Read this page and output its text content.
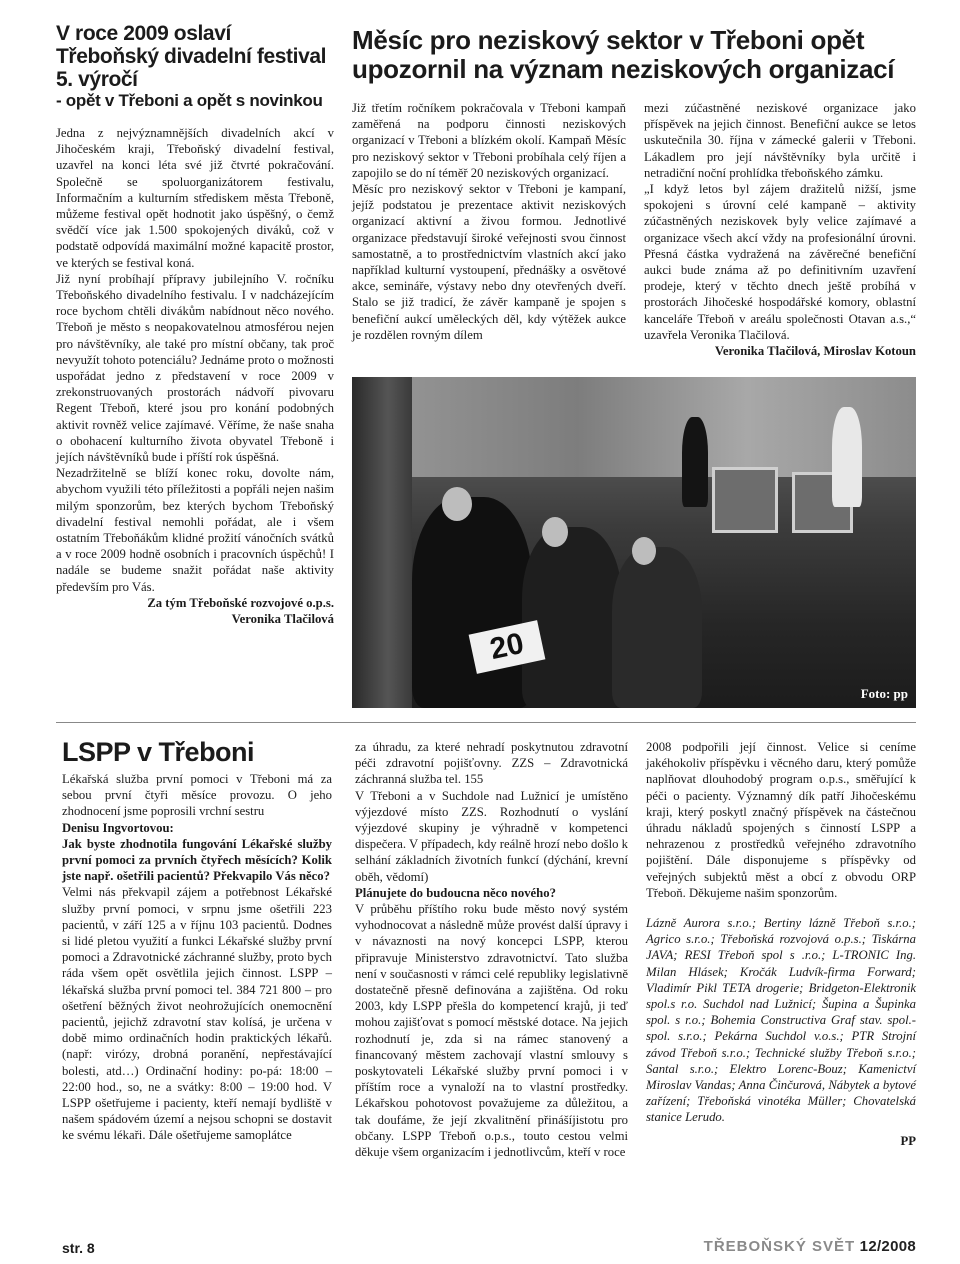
V roce 2009 oslaví Třeboňský divadelní festival 5. výročí
- opět v Třeboni a opět s novinkou

Jedna z nejvýznamnějších divadelních akcí v Jihočeském kraji, Třeboňský divadelní festival, uzavřel na konci léta své již čtvrté pokračování. Společně se spoluorganizátorem festivalu, Informačním a kulturním střediskem města Třeboně, můžeme festival opět hodnotit jako úspěšný, o čemž svědčí více jak 1.500 spokojených diváků, což v podstatě odpovídá maximální možné kapacitě prostor, ve kterých se festival koná.
Již nyní probíhají přípravy jubilejního V. ročníku Třeboňského divadelního festivalu. I v nadcházejícím roce bychom chtěli divákům nabídnout něco nového. Třeboň je město s neopakovatelnou atmosférou nejen pro návštěvníky, ale také pro místní občany, tak proč nevyužít tohoto potenciálu? Jednáme proto o možnosti uspořádat jedno z představení v roce 2009 v zrekonstruovaných prostorách nádvoří pivovaru Regent Třeboň, které jsou pro konání podobných aktivit rovněž velice zajímavé. Věříme, že naše snaha o obohacení kulturního života obyvatel Třeboně i jejích návštěvníků bude i příští rok úspěšná.
Nezadržitelně se blíží konec roku, dovolte nám, abychom využili této příležitosti a popřáli nejen našim milým sponzorům, bez kterých bychom Třeboňský divadelní festival nemohli pořádat, ale i všem ostatním Třeboňákům klidné prožití vánočních svátků a v roce 2009 hodně osobních i pracovních úspěchů! I nadále se budeme snažit pořádat naše aktivity především pro Vás.

Za tým Třeboňské rozvojové o.p.s.
Veronika Tlačilová
Měsíc pro neziskový sektor v Třeboni opět upozornil na význam neziskových organizací

Již třetím ročníkem pokračovala v Třeboni kampaň zaměřená na podporu činnosti neziskových organizací v Třeboni a blízkém okolí. Kampaň Měsíc pro neziskový sektor v Třeboni probíhala celý říjen a zapojilo se do ní téměř 20 neziskových organizací.
Měsíc pro neziskový sektor v Třeboni je kampaní, jejíž podstatou je prezentace aktivit neziskových organizací aktivní a živou formou. Jednotlivé organizace představují široké veřejnosti svou činnost samostatně, a to prostřednictvím vlastních akcí jako například kulturní vystoupení, přednášky a osvětové akce, semináře, výstavy nebo dny otevřených dveří. Stalo se již tradicí, že závěr kampaně je spojen s benefiční aukcí uměleckých děl, kdy výtěžek aukce je rozdělen rovným dílem

mezi zúčastněné neziskové organizace jako příspěvek na jejich činnost. Benefiční aukce se letos uskutečnila 30. října v zámecké galerii v Třeboni. Lákadlem pro její návštěvníky byla určitě i netradiční noční prohlídka třeboňského zámku.
„I když letos byl zájem dražitelů nižší, jsme spokojeni s úrovní celé kampaně – aktivity zúčastněných neziskovek byly velice zajímavé a organizace všech akcí vždy na profesionální úrovni. Přesná částka vydražená na závěrečné benefiční aukci bude známa až po definitivním uzavření prodeje, který v těchto dnech ještě probíhá v prostorách Jihočeské hospodářské komory, oblastní kanceláře Třeboň v areálu společnosti Otavan a.s.,“ uzavřela Veronika Tlačilová.

Veronika Tlačilová, Miroslav Kotoun
20
Foto: pp
LSPP v Třeboni

Lékařská služba první pomoci v Třeboni má za sebou první čtyři měsíce provozu. O jeho zhodnocení jsme poprosili vrchní sestru

Denisu Ingvortovou:

Jak byste zhodnotila fungování Lékařské služby první pomoci za prvních čtyřech měsících? Kolik jste např. ošetřili pacientů? Překvapilo Vás něco?

Velmi nás překvapil zájem a potřebnost Lékařské služby první pomoci, v srpnu jsme ošetřili 223 pacientů, v září 125 a v říjnu 103 pacientů. Dodnes si lidé pletou využití a funkci Lékařské služby první pomoci a Zdravotnické záchranné služby, proto bych ráda všem opět osvětlila jejich činnost. LSPP – lékařská služba první pomoci tel. 384 721 800 – pro ošetření běžných život neohrožujících onemocnění pacientů, jejichž zdravotní stav kolísá, je určena v době mimo ordinačních hodin praktických lékařů. (např: virózy, drobná poranění, nepřestávající bolesti, atd…) Ordinační hodiny: po-pá: 18:00 – 22:00 hod., so, ne a svátky: 8:00 – 19:00 hod. V LSPP ošetřujeme i pacienty, kteří nemají bydliště v našem spádovém území a nejsou schopni se dostavit ke svému lékaři. Dále ošetřujeme samoplátce

za úhradu, za které nehradí poskytnutou zdravotní péči zdravotní pojišťovny. ZZS – Zdravotnická záchranná služba tel. 155
V Třeboni a v Suchdole nad Lužnicí je umístěno výjezdové místo ZZS. Rozhodnutí o vyslání výjezdové skupiny je výhradně v kompetenci dispečera. V případech, kdy reálně hrozí nebo došlo k selhání základních životních funkcí (dýchání, krevní oběh, vědomí)

Plánujete do budoucna něco nového?

V průběhu příštího roku bude město nový systém vyhodnocovat a následně může provést další úpravy i v návaznosti na nový koncepci LSPP, kterou připravuje Ministerstvo zdravotnictví. Tato služba není v současnosti v rámci celé republiky legislativně dostatečně přesně definována a zajištěna. Od roku 2003, kdy LSPP přešla do kompetencí krajů, ji teď mohou zajišťovat s pomocí městské dotace. Na jejich rozhodnutí je, zda si na rámec stanovený a financovaný městem zachovají vlastní smlouvy s poskytovateli Lékařské služby první pomoci i v příštím roce a vynaloží na to vlastní prostředky. Lékařskou pohotovost považujeme za důležitou, a tak doufáme, že její zkvalitnění přinášíjistotu pro občany. LSPP Třeboň o.p.s., touto cestou velmi děkuje všem organizacím i jednotlivcům, kteří v roce

2008 podpořili její činnost. Velice si ceníme jakéhokoliv příspěvku i věcného daru, který pomůže naplňovat dlouhodobý program o.p.s., směřující k péči o pacienty. Významný dík patří Jihočeskému kraji, který poskytl značný příspěvek na částečnou úhradu nákladů spojených s činností LSPP a nehrazenou z prostředků veřejného zdravotního pojištění. Dále disponujeme s příspěvky od veřejných subjektů měst a obcí z obvodu ORP Třeboň. Děkujeme našim sponzorům.

Lázně Aurora s.r.o.; Bertiny lázně Třeboň s.r.o.; Agrico s.r.o.; Třeboňská rozvojová o.p.s.; Tiskárna JAVA; RESI Třeboň spol s .r.o.; L-TRONIC Ing. Milan Hlásek; Kročák Ludvík-firma Forward; Vladimír Pikl TETA drogerie; Bridgeton-Elektronik spol.s r.o. Suchdol nad Lužnicí; Šupina a Šupinka spol. s r.o.; Bohemia Constructiva Graf stav. spol.-spol. s.r.o.; Pekárna Suchdol v.o.s.; PTR Strojní závod Třeboň s.r.o.; Technické služby Třeboň s.r.o.; Santal s.r.o.; Elektro Lorenc-Bouz; Kamenictví Miroslav Vandas; Anna Činčurová, Nábytek a bytové zařízení; Třeboňská vinotéka Müller; Chovatelská stanice Lerudo.

PP
str. 8	TŘEBOŇSKÝ SVĚT 12/2008
